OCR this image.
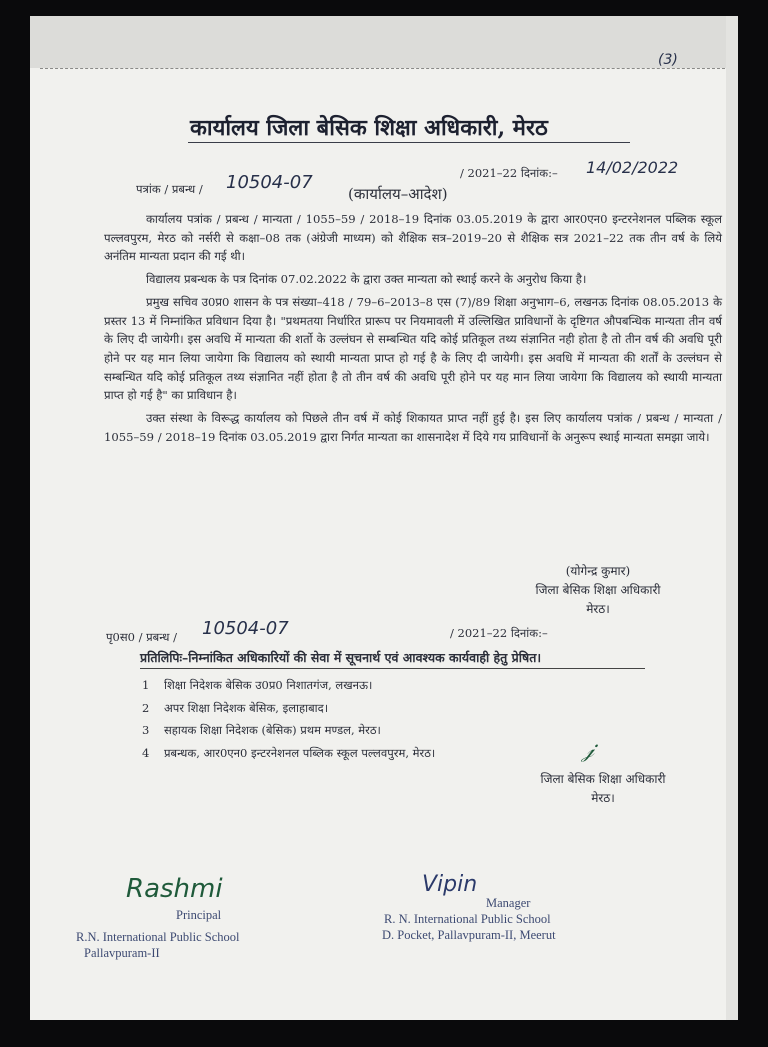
(3)
कार्यालय जिला बेसिक शिक्षा अधिकारी, मेरठ
पत्रांक / प्रबन्ध / 10504-07	/ 2021–22 दिनांक:– 14/02/2022
(कार्यालय–आदेश)

कार्यालय पत्रांक / प्रबन्ध / मान्यता / 1055–59 / 2018–19 दिनांक 03.05.2019 के द्वारा आर0एन0 इन्टरनेशनल पब्लिक स्कूल पल्लवपुरम, मेरठ को नर्सरी से कक्षा–08 तक (अंग्रेजी माध्यम) को शैक्षिक सत्र–2019–20 से शैक्षिक सत्र 2021–22 तक तीन वर्ष के लिये अनंतिम मान्यता प्रदान की गई थी।

विद्यालय प्रबन्धक के पत्र दिनांक 07.02.2022 के द्वारा उक्त मान्यता को स्थाई करने के अनुरोध किया है।

प्रमुख सचिव उ0प्र0 शासन के पत्र संख्या–418 / 79–6–2013–8 एस (7)/89 शिक्षा अनुभाग–6, लखनऊ दिनांक 08.05.2013 के प्रस्तर 13 में निम्नांकित प्रविधान दिया है। "प्रथमतया निर्धारित प्रारूप पर नियमावली में उल्लिखित प्राविधानों के दृष्टिगत औपबन्धिक मान्यता तीन वर्ष के लिए दी जायेगी। इस अवधि में मान्यता की शर्तो के उल्लंघन से सम्बन्धित यदि कोई प्रतिकूल तथ्य संज्ञानित नही होता है तो तीन वर्ष की अवधि पूरी होने पर यह मान लिया जायेगा कि विद्यालय को स्थायी मान्यता प्राप्त हो गई है के लिए दी जायेगी। इस अवधि में मान्यता की शर्तों के उल्लंघन से सम्बन्धित यदि कोई प्रतिकूल तथ्य संज्ञानित नहीं होता है तो तीन वर्ष की अवधि पूरी होने पर यह मान लिया जायेगा कि विद्यालय को स्थायी मान्यता प्राप्त हो गई है" का प्राविधान है।

उक्त संस्था के विरूद्ध कार्यालय को पिछले तीन वर्ष में कोई शिकायत प्राप्त नहीं हुई है। इस लिए कार्यालय पत्रांक / प्रबन्ध / मान्यता / 1055–59 / 2018–19 दिनांक 03.05.2019 द्वारा निर्गत मान्यता का शासनादेश में दिये गय प्राविधानों के अनुरूप स्थाई मान्यता समझा जाये।

(योगेन्द्र कुमार)
जिला बेसिक शिक्षा अधिकारी
मेरठ।
पृ0स0 / प्रबन्ध / 10504-07	/ 2021–22 दिनांक:–
प्रतिलिपिः–निम्नांकित अधिकारियों की सेवा में सूचनार्थ एवं आवश्यक कार्यवाही हेतु प्रेषित।
1 शिक्षा निदेशक बेसिक उ0प्र0 निशातगंज, लखनऊ।
2 अपर शिक्षा निदेशक बेसिक, इलाहाबाद।
3 सहायक शिक्षा निदेशक (बेसिक) प्रथम मण्डल, मेरठ।
4 प्रबन्धक, आर0एन0 इन्टरनेशनल पब्लिक स्कूल पल्लवपुरम, मेरठ।	𝒿
जिला बेसिक शिक्षा अधिकारी
मेरठ।
Rashmi
Principal
R.N. International Public School
Pallavpuram-II
Vipin
Manager
R. N. International Public School
D. Pocket, Pallavpuram-II, Meerut
